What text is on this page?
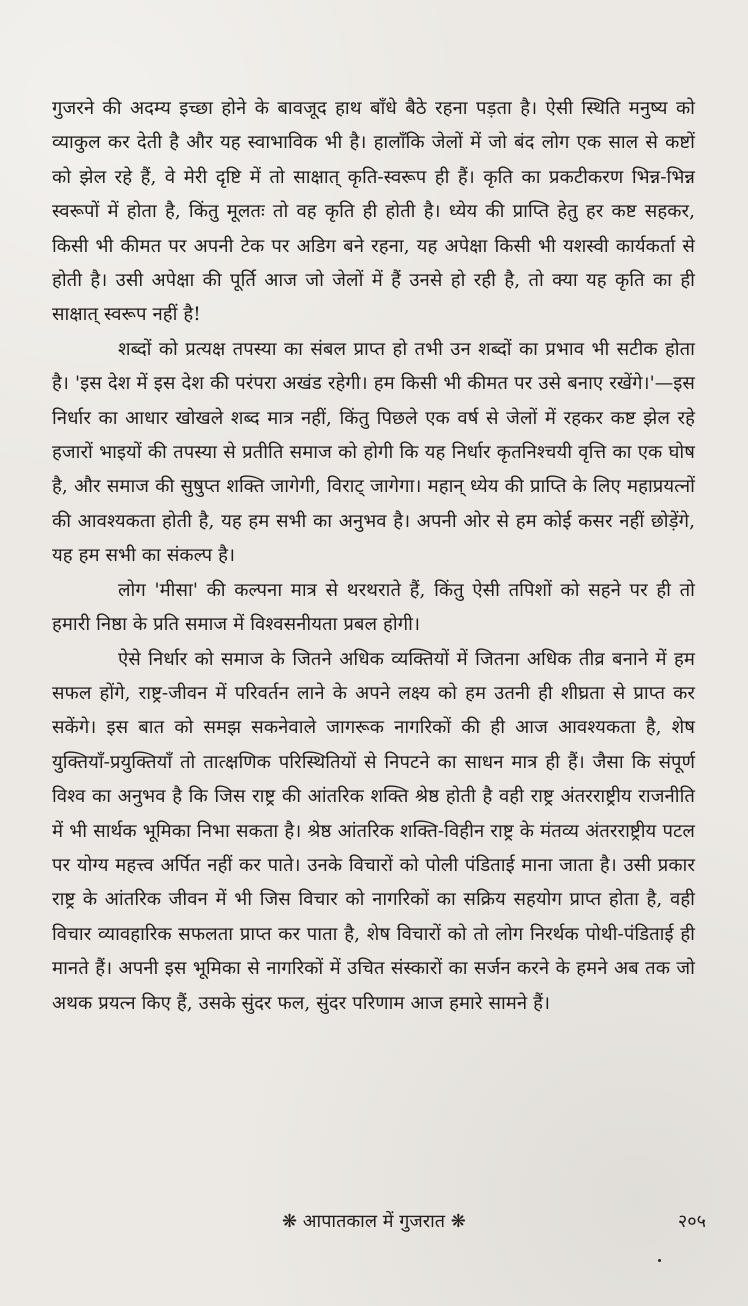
गुजरने की अदम्य इच्छा होने के बावजूद हाथ बाँधे बैठे रहना पड़ता है। ऐसी स्थिति मनुष्य को व्याकुल कर देती है और यह स्वाभाविक भी है। हालाँकि जेलों में जो बंद लोग एक साल से कष्टों को झेल रहे हैं, वे मेरी दृष्टि में तो साक्षात् कृति-स्वरूप ही हैं। कृति का प्रकटीकरण भिन्न-भिन्न स्वरूपों में होता है, किंतु मूलतः तो वह कृति ही होती है। ध्येय की प्राप्ति हेतु हर कष्ट सहकर, किसी भी कीमत पर अपनी टेक पर अडिग बने रहना, यह अपेक्षा किसी भी यशस्वी कार्यकर्ता से होती है। उसी अपेक्षा की पूर्ति आज जो जेलों में हैं उनसे हो रही है, तो क्या यह कृति का ही साक्षात् स्वरूप नहीं है!

शब्दों को प्रत्यक्ष तपस्या का संबल प्राप्त हो तभी उन शब्दों का प्रभाव भी सटीक होता है। 'इस देश में इस देश की परंपरा अखंड रहेगी। हम किसी भी कीमत पर उसे बनाए रखेंगे।'—इस निर्धार का आधार खोखले शब्द मात्र नहीं, किंतु पिछले एक वर्ष से जेलों में रहकर कष्ट झेल रहे हजारों भाइयों की तपस्या से प्रतीति समाज को होगी कि यह निर्धार कृतनिश्चयी वृत्ति का एक घोष है, और समाज की सुषुप्त शक्ति जागेगी, विराट् जागेगा। महान् ध्येय की प्राप्ति के लिए महाप्रयत्नों की आवश्यकता होती है, यह हम सभी का अनुभव है। अपनी ओर से हम कोई कसर नहीं छोड़ेंगे, यह हम सभी का संकल्प है।

लोग 'मीसा' की कल्पना मात्र से थरथराते हैं, किंतु ऐसी तपिशों को सहने पर ही तो हमारी निष्ठा के प्रति समाज में विश्वसनीयता प्रबल होगी।

ऐसे निर्धार को समाज के जितने अधिक व्यक्तियों में जितना अधिक तीव्र बनाने में हम सफल होंगे, राष्ट्र-जीवन में परिवर्तन लाने के अपने लक्ष्य को हम उतनी ही शीघ्रता से प्राप्त कर सकेंगे। इस बात को समझ सकनेवाले जागरूक नागरिकों की ही आज आवश्यकता है, शेष युक्तियाँ-प्रयुक्तियाँ तो तात्क्षणिक परिस्थितियों से निपटने का साधन मात्र ही हैं। जैसा कि संपूर्ण विश्व का अनुभव है कि जिस राष्ट्र की आंतरिक शक्ति श्रेष्ठ होती है वही राष्ट्र अंतरराष्ट्रीय राजनीति में भी सार्थक भूमिका निभा सकता है। श्रेष्ठ आंतरिक शक्ति-विहीन राष्ट्र के मंतव्य अंतरराष्ट्रीय पटल पर योग्य महत्त्व अर्पित नहीं कर पाते। उनके विचारों को पोली पंडिताई माना जाता है। उसी प्रकार राष्ट्र के आंतरिक जीवन में भी जिस विचार को नागरिकों का सक्रिय सहयोग प्राप्त होता है, वही विचार व्यावहारिक सफलता प्राप्त कर पाता है, शेष विचारों को तो लोग निरर्थक पोथी-पंडिताई ही मानते हैं। अपनी इस भूमिका से नागरिकों में उचित संस्कारों का सर्जन करने के हमने अब तक जो अथक प्रयत्न किए हैं, उसके सुंदर फल, सुंदर परिणाम आज हमारे सामने हैं।

❋ आपातकाल में गुजरात ❋	२०५
